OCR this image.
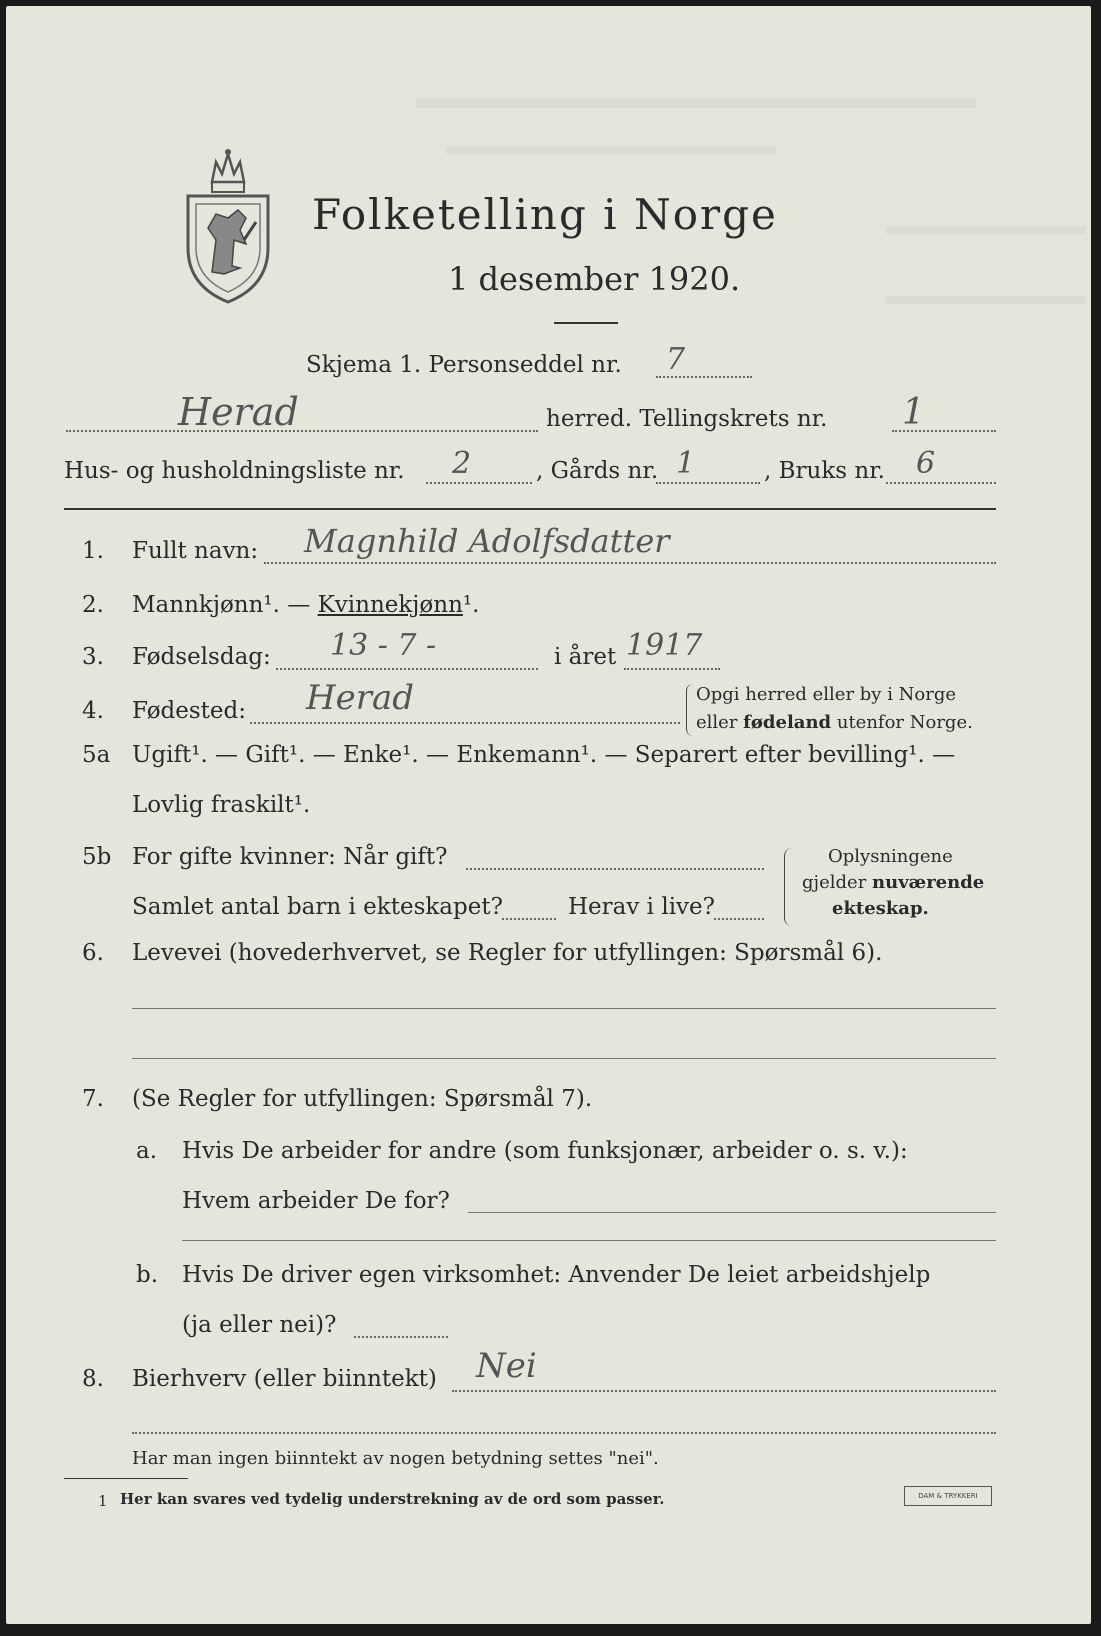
Folketelling i Norge
1 desember 1920.
Skjema 1. Personseddel nr. 7
Herad	herred. Tellingskrets nr. 1
Hus- og husholdningsliste nr. 2	, Gårds nr. 1	, Bruks nr. 6
1. Fullt navn: Magnhild Adolfsdatter
2. Mannkjønn¹. — Kvinnekjønn¹.
3. Fødselsdag: 13 - 7 -	i året 1917
4. Fødested: Herad	Opgi herred eller by i Norge
eller fødeland utenfor Norge.
5a Ugift¹. — Gift¹. — Enke¹. — Enkemann¹. — Separert efter bevilling¹. —
Lovlig fraskilt¹.
5b For gifte kvinner: Når gift?
Samlet antal barn i ekteskapet?	Herav i live?
Oplysningene
gjelder nuværende
ekteskap.
6. Levevei (hovederhvervet, se Regler for utfyllingen: Spørsmål 6).
7. (Se Regler for utfyllingen: Spørsmål 7).
a. Hvis De arbeider for andre (som funksjonær, arbeider o. s. v.):
Hvem arbeider De for?
b. Hvis De driver egen virksomhet: Anvender De leiet arbeidshjelp
(ja eller nei)?
8. Bierhverv (eller biinntekt) Nei
Har man ingen biinntekt av nogen betydning settes "nei".
1 Her kan svares ved tydelig understrekning av de ord som passer.	DAM & TRYKKERI
